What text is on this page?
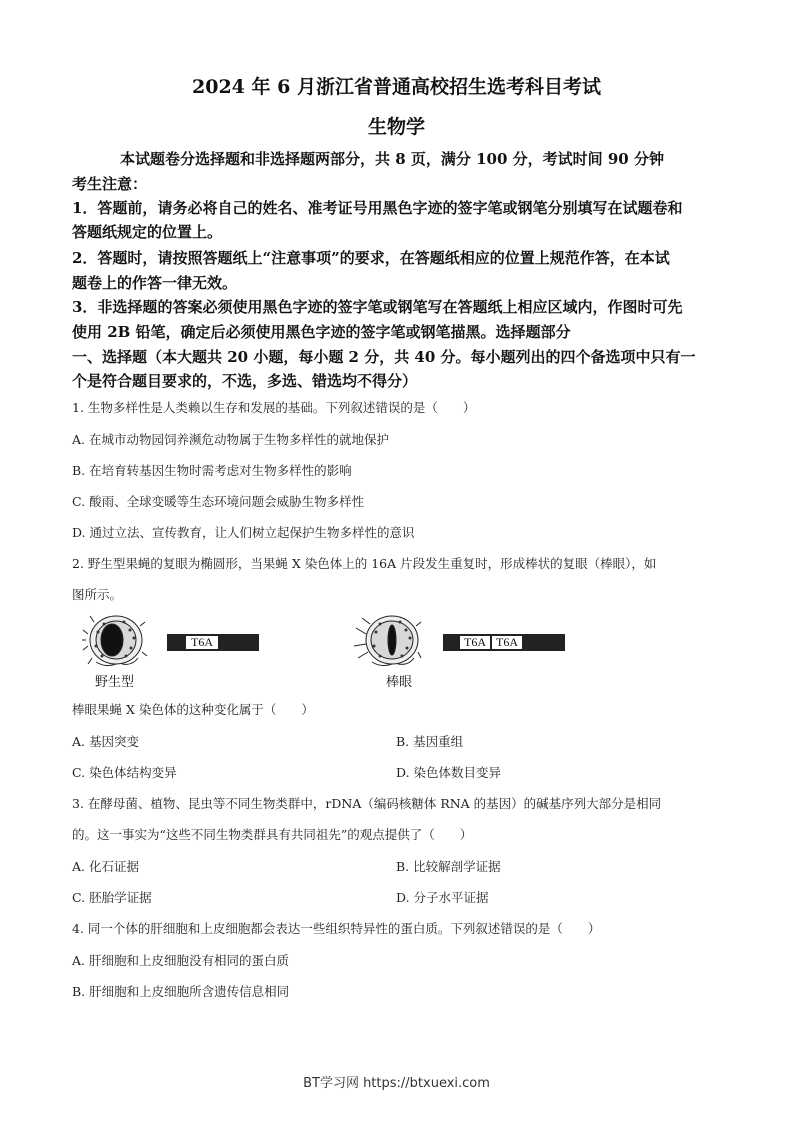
2024 年 6 月浙江省普通高校招生选考科目考试
生物学
本试题卷分选择题和非选择题两部分，共 8 页，满分 100 分，考试时间 90 分钟
考生注意：
1．答题前，请务必将自己的姓名、准考证号用黑色字迹的签字笔或钢笔分别填写在试题卷和
答题纸规定的位置上。
2．答题时，请按照答题纸上“注意事项”的要求，在答题纸相应的位置上规范作答，在本试
题卷上的作答一律无效。
3．非选择题的答案必须使用黑色字迹的签字笔或钢笔写在答题纸上相应区域内，作图时可先
使用 2B 铅笔，确定后必须使用黑色字迹的签字笔或钢笔描黑。选择题部分
一、选择题（本大题共 20 小题，每小题 2 分，共 40 分。每小题列出的四个备选项中只有一
个是符合题目要求的，不选，多选、错选均不得分）
1. 生物多样性是人类赖以生存和发展的基础。下列叙述错误的是（　　）
A. 在城市动物园饲养濒危动物属于生物多样性的就地保护
B. 在培育转基因生物时需考虑对生物多样性的影响
C. 酸雨、全球变暖等生态环境问题会威胁生物多样性
D. 通过立法、宣传教育，让人们树立起保护生物多样性的意识
2. 野生型果蝇的复眼为椭圆形，当果蝇 X 染色体上的 16A 片段发生重复时，形成棒状的复眼（棒眼），如
图所示。
T6A
野生型
T6A T6A
棒眼
棒眼果蝇 X 染色体的这种变化属于（　　）
A. 基因突变	B. 基因重组
C. 染色体结构变异	D. 染色体数目变异
3. 在酵母菌、植物、昆虫等不同生物类群中，rDNA（编码核糖体 RNA 的基因）的碱基序列大部分是相同
的。这一事实为“这些不同生物类群具有共同祖先”的观点提供了（　　）
A. 化石证据	B. 比较解剖学证据
C. 胚胎学证据	D. 分子水平证据
4. 同一个体的肝细胞和上皮细胞都会表达一些组织特异性的蛋白质。下列叙述错误的是（　　）
A. 肝细胞和上皮细胞没有相同的蛋白质
B. 肝细胞和上皮细胞所含遗传信息相同
BT学习网 https://btxuexi.com
